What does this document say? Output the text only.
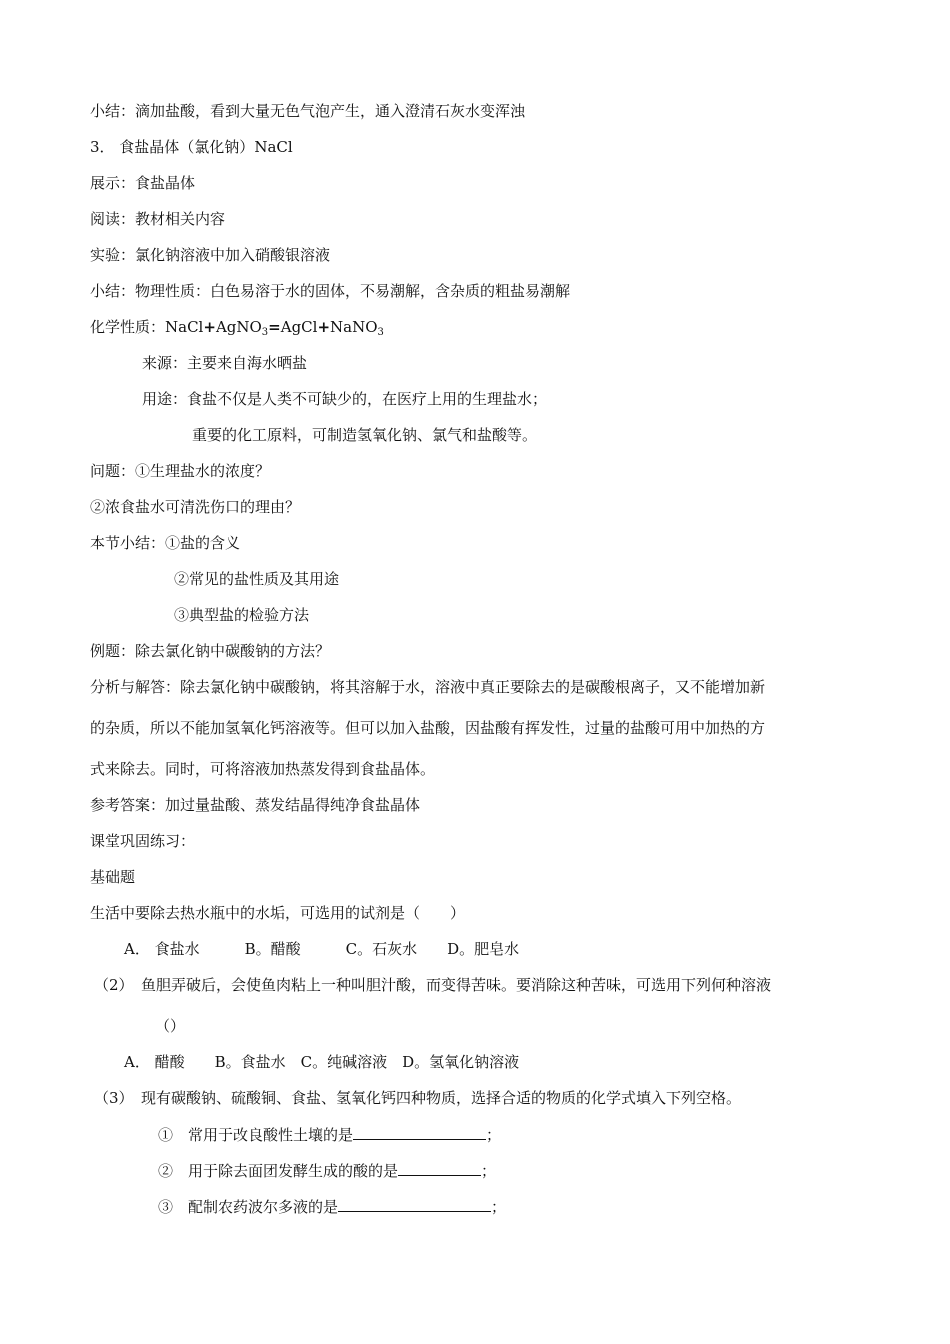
小结：滴加盐酸，看到大量无色气泡产生，通入澄清石灰水变浑浊
3． 食盐晶体（氯化钠）NaCl
展示：食盐晶体
阅读：教材相关内容
实验：氯化钠溶液中加入硝酸银溶液
小结：物理性质：白色易溶于水的固体，不易潮解，含杂质的粗盐易潮解
化学性质：NaCl+AgNO$_3$=AgCl+NaNO$_3$
来源：主要来自海水晒盐
用途：食盐不仅是人类不可缺少的，在医疗上用的生理盐水；
重要的化工原料，可制造氢氧化钠、氯气和盐酸等。
问题：①生理盐水的浓度？
②浓食盐水可清洗伤口的理由？
本节小结：①盐的含义
②常见的盐性质及其用途
③典型盐的检验方法
例题：除去氯化钠中碳酸钠的方法？
分析与解答：除去氯化钠中碳酸钠，将其溶解于水，溶液中真正要除去的是碳酸根离子，又不能增加新
的杂质，所以不能加氢氧化钙溶液等。但可以加入盐酸，因盐酸有挥发性，过量的盐酸可用中加热的方
式来除去。同时，可将溶液加热蒸发得到食盐晶体。
参考答案：加过量盐酸、蒸发结晶得纯净食盐晶体
课堂巩固练习：
基础题
生活中要除去热水瓶中的水垢，可选用的试剂是（　　）
A． 食盐水　　　B。醋酸　　　C。石灰水　　D。肥皂水
（2）　鱼胆弄破后，会使鱼肉粘上一种叫胆汁酸，而变得苦味。要消除这种苦味，可选用下列何种溶液
（）
A． 醋酸　　B。食盐水　C。纯碱溶液　D。氢氧化钠溶液
（3）　现有碳酸钠、硫酸铜、食盐、氢氧化钙四种物质，选择合适的物质的化学式填入下列空格。
①  常用于改良酸性土壤的是	；
②  用于除去面团发酵生成的酸的是	；
③  配制农药波尔多液的是	；
